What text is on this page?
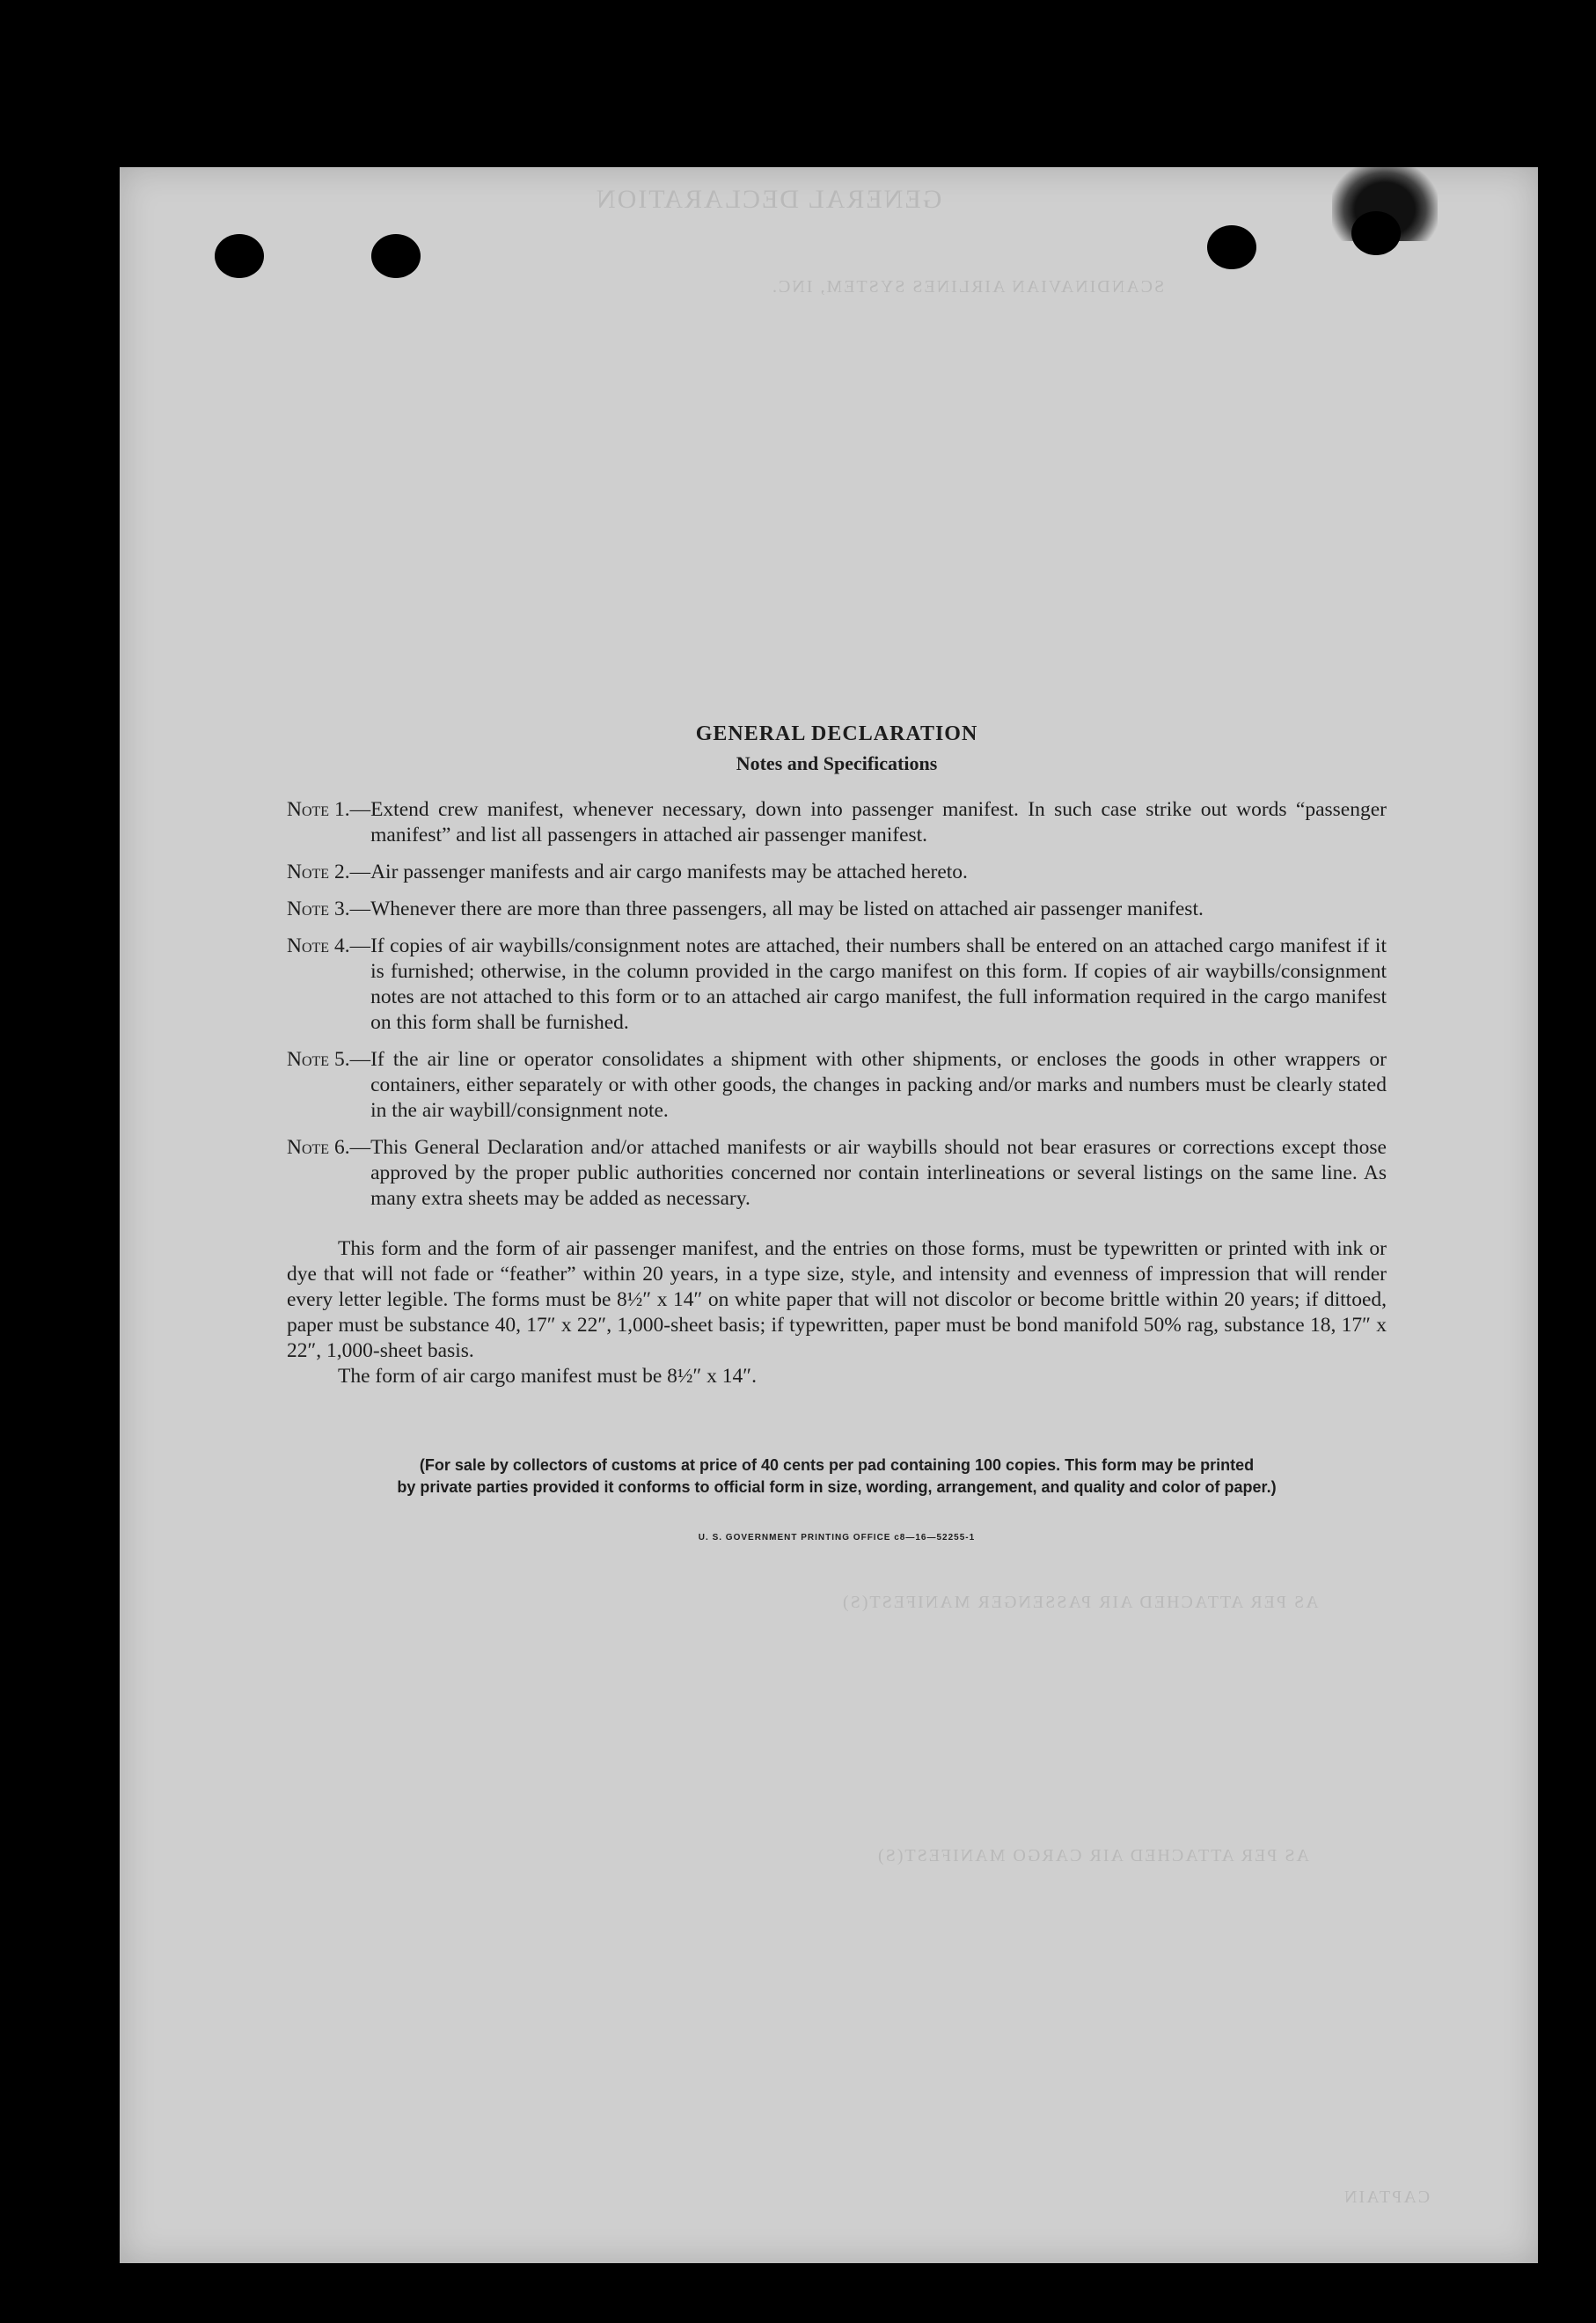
GENERAL DECLARATION
SCANDINAVIAN AIRLINES SYSTEM, INC.
AS PER ATTACHED AIR PASSENGER MANIFEST(S)
AS PER ATTACHED AIR CARGO MANIFEST(S)
CAPTAIN
GENERAL DECLARATION
Notes and Specifications
Note 1. — Extend crew manifest, whenever necessary, down into passenger manifest. In such case strike out words “passenger manifest” and list all passengers in attached air passenger manifest.
Note 2. — Air passenger manifests and air cargo manifests may be attached hereto.
Note 3. — Whenever there are more than three passengers, all may be listed on attached air passenger manifest.
Note 4. — If copies of air waybills/consignment notes are attached, their numbers shall be entered on an attached cargo manifest if it is furnished; otherwise, in the column provided in the cargo manifest on this form. If copies of air waybills/consignment notes are not attached to this form or to an attached air cargo manifest, the full information required in the cargo manifest on this form shall be furnished.
Note 5. — If the air line or operator consolidates a shipment with other shipments, or encloses the goods in other wrappers or containers, either separately or with other goods, the changes in packing and/or marks and numbers must be clearly stated in the air waybill/consignment note.
Note 6. — This General Declaration and/or attached manifests or air waybills should not bear erasures or corrections except those approved by the proper public authorities concerned nor contain interlineations or several listings on the same line. As many extra sheets may be added as necessary.
This form and the form of air passenger manifest, and the entries on those forms, must be typewritten or printed with ink or dye that will not fade or “feather” within 20 years, in a type size, style, and intensity and evenness of impression that will render every letter legible. The forms must be 8½″ x 14″ on white paper that will not discolor or become brittle within 20 years; if dittoed, paper must be substance 40, 17″ x 22″, 1,000-sheet basis; if typewritten, paper must be bond manifold 50% rag, substance 18, 17″ x 22″, 1,000-sheet basis.
The form of air cargo manifest must be 8½″ x 14″.
(For sale by collectors of customs at price of 40 cents per pad containing 100 copies. This form may be printed
by private parties provided it conforms to official form in size, wording, arrangement, and quality and color of paper.)
U. S. GOVERNMENT PRINTING OFFICE c8—16—52255-1
